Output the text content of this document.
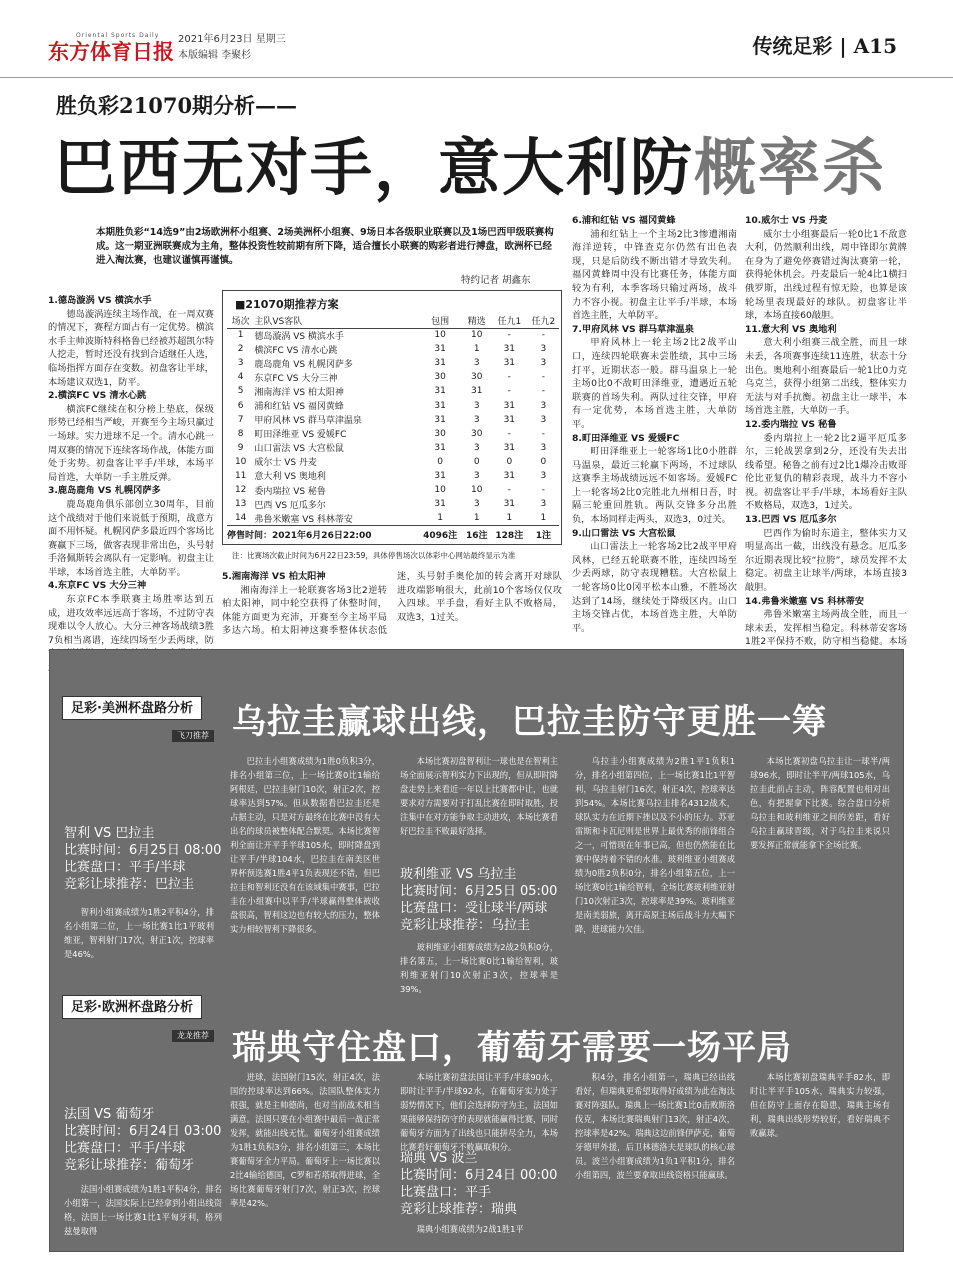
东方体育日报
Oriental Sports Daily 2021年6月23日 星期三
本版编辑 李聚杉	传统足彩 | A15
胜负彩21070期分析——
巴西无对手，意大利防概率杀
本期胜负彩“14选9”由2场欧洲杯小组赛、2场美洲杯小组赛、9场日本各级职业联赛以及1场巴西甲级联赛构成。这一期亚洲联赛成为主角，整体投资性较前期有所下降，适合擅长小联赛的购彩者进行搏盘，欧洲杯已经进入淘汰赛，也建议谨慎再谨慎。
特约记者 胡鑫东
1.德岛漩涡 VS 横滨水手

德岛漩涡连续主场作战，在一周双赛的情况下，赛程方面占有一定优势。横滨水手主帅波斯特科格鲁已经被苏超凯尔特人挖走，暂时还没有找到合适继任人选，临场指挥方面存在变数。初盘客让半球，本场建议双选1，防平。

2.横滨FC VS 清水心跳

横滨FC继续在积分榜上垫底，保级形势已经相当严峻，开赛至今主场只赢过一场球。实力进球不足一个。清水心跳一周双赛的情况下连续客场作战，体能方面处于劣势。初盘客让平手/半球，本场平局首选，大单防一手主胜反弹。

3.鹿岛鹿角 VS 札幌冈萨多

鹿岛鹿角俱乐部创立30周年，目前这个战绩对于他们来说低于预期，战意方面不用怀疑。札幌冈萨多最近四个客场比赛赢下三场，做客表现非常出色，头号射手洛佩斯转会离队有一定影响。初盘主让半球，本场首选主胜，大单防平。

4.东京FC VS 大分三神

东京FC本季联赛主场胜率达到五成，进攻效率远远高于客场，不过防守表现难以令人放心。大分三神客场战绩3胜7负相当离谱，连续四场至少丢两球，防

5.湘南海洋 VS 柏太阳神

湘南海洋上一轮联赛客场3比2逆转柏太阳神，同中轮空获得了休整时间，体能方面更为充沛，开赛至今主场平局多达六场。柏太阳神这赛季整体状态低迷，头号射手奥伦加的转会离开对球队进攻端影响很大，此前10个客场仅仅攻入四球。平手盘，看好主队不败格局，双选3，1过关。

6.浦和红钻 VS 福冈黄蜂

浦和红钻上一个主场2比3惨遭湘南海洋逆转，中锋查克尔仍然有出色表现，只是后防线不断出错才导致失利。福冈黄蜂周中没有比赛任务，体能方面较为有利，本季客场只输过两场，战斗力不容小视。初盘主让平手/半球，本场首选主胜，大单防平。

7.甲府风林 VS 群马草津温泉

甲府风林上一轮主场2比2战平山口，连续四轮联赛未尝胜绩，其中三场打平，近期状态一般。群马温泉上一轮主场0比0不敌町田泽维亚，遭遇近五轮联赛的首场失利。两队过往交锋，甲府有一定优势，本场首选主胜，大单防平。

8.町田泽维亚 VS 爱媛FC

町田泽维亚上一轮客场1比0小胜群马温泉，最近三轮赢下两场，不过球队这赛季主场战绩远远不如客场。爱媛FC上一轮客场2比0完胜北九州相日吾，时隔三轮重回胜轨。两队交锋多分出胜负，本场同样走两头，双选3，0过关。

9.山口雷法 VS 大宫松鼠

山口雷法上一轮客场2比2战平甲府风林，已经五轮联赛不胜，连续四场至少丢两球，防守表现糟糕。大宫松鼠上一轮客场0比0冈平松本山雅，不胜场次达到了14场，继续处于降级区内。山口主场交锋占优，本场首选主胜，大单防平。

10.威尔士 VS 丹麦

威尔士小组赛最后一轮0比1不敌意大利，仍然顺利出线，周中锋即尔黄牌在身为了避免停赛错过淘汰赛第一轮，获得轮休机会。丹麦最后一轮4比1横扫俄罗斯，出线过程有惊无险，也算是该轮场里表现最好的球队。初盘客让半球，本场直接60敲胆。

11.意大利 VS 奥地利

意大利小组赛三战全胜，而且一球未丢，各项赛事连续11连胜，状态十分出色。奥地利小组赛最后一轮1比0力克乌克兰，获得小组第二出线，整体实力无法与对手抗衡。初盘主让一球半，本场首选主胜，大单防一手。

12.委内瑞拉 VS 秘鲁

委内瑞拉上一轮2比2逼平厄瓜多尔，三轮战罢拿到2分，还没有失去出线希望。秘鲁之前有过2比1爆冷击败哥伦比亚复仇的精彩表现，战斗力不容小视。初盘客让平手/半球，本场看好主队不败格局，双选3，1过关。

13.巴西 VS 厄瓜多尔

巴西作为偷时东道主，整体实力又明显高出一截，出线没有悬念。厄瓜多尔近期表现比较“拉胯”，球员发挥不太稳定。初盘主让球半/两球，本场直接3敲胆。

14.弗鲁米嫩塞 VS 科林蒂安

弗鲁米嫩塞主场两战全胜，而且一球未丢，发挥相当稳定。科林蒂安客场1胜2平保持不败，防守相当稳健。本场

■21070期推荐方案
场次	主队VS客队	包围	精选	任九1	任九2
1	德岛漩涡 VS 横滨水手	10	10	-	-
2	横滨FC VS 清水心跳	31	1	31	3
3	鹿岛鹿角 VS 札幌冈萨多	31	3	31	3
4	东京FC VS 大分三神	30	30	-	-
5	湘南海洋 VS 柏太阳神	31	31	-	-
6	浦和红钻 VS 福冈黄蜂	31	3	31	3
7	甲府风林 VS 群马草津温泉	31	3	31	3
8	町田泽维亚 VS 爱媛FC	30	30	-	-
9	山口雷法 VS 大宫松鼠	31	3	31	3
10	威尔士 VS 丹麦	0	0	0	0
11	意大利 VS 奥地利	31	3	31	3
12	委内瑞拉 VS 秘鲁	10	10	-	-
13	巴西 VS 厄瓜多尔	31	3	31	3
14	弗鲁米嫩塞 VS 科林蒂安	1	1	1	1
停售时间：2021年6月26日22:00		4096注	16注	128注	1注
注：比赛场次截止时间为6月22日23:59，具体停售场次以体彩中心网站最终显示为准
足彩·美洲杯盘路分析
飞刀推荐 乌拉圭赢球出线，巴拉圭防守更胜一筹

巴拉圭小组赛成绩为1胜0负积3分，排名小组第三位，上一场比赛0比1输给阿根廷，巴拉圭射门10次，射正2次，控球率达到57%。但从数据看巴拉圭还是占据主动，只是对方最终在比赛中没有大出名的球员被整体配合默契。本场比赛智利全面让开平手半球105水，即时降盘到让平手/半球104水，巴拉圭在南美区世界杯预选赛1胜4平1负表现还不错，但巴拉圭和智利还没有在该域集中赛事，巴拉圭在小组赛中以平手/半球赢得整体被收盘很高，智利这边也有较大的压力，整体实力相较智利下降很多。

智利 VS 巴拉圭
比赛时间：6月25日 08:00
比赛盘口：平手/半球
竞彩让球推荐：巴拉圭

智利小组赛成绩为1胜2平积4分，排名小组第二位，上一场比赛1比1平玻利维亚，智利射门17次，射正1次，控球率是46%。

本场比赛初盘智利让一球也是在智利主场全面展示智利实力下出现的，但从即时降盘走势上来看近一年以上比赛都中让，也就要求对方需要对于打乱比赛在即时取胜，投注集中在对方能争取主动进攻，本场比赛看好巴拉圭不败最好选择。

玻利维亚 VS 乌拉圭
比赛时间：6月25日 05:00
比赛盘口：受让球半/两球
竞彩让球推荐：乌拉圭

玻利维亚小组赛成绩为2战2负积0分，排名第五，上一场比赛0比1输给智利，玻利维亚射门10次射正3次，控球率是39%。

乌拉圭小组赛成绩为2胜1平1负积1分，排名小组第四位，上一场比赛1比1平智利，乌拉圭射门16次，射正4次，控球率达到54%。本场比赛乌拉圭排名4312战术，球队实力在近期下挫以及不小的压力。苏亚雷斯和卡瓦尼则是世界上最优秀的前锋组合之一，可惜现在年事已高，但也仍然能在比赛中保持着不错的水准。玻利维亚小组赛成绩为0胜2负积0分，排名小组第五位，上一场比赛0比1输给智利，全场比赛玻利维亚射门10次射正3次，控球率是39%。玻利维亚是南美弱旅，离开高原主场后战斗力大幅下降，进球能力欠佳。

本场比赛初盘乌拉圭让一球半/两球96水，即时让半平/两球105水，乌拉圭此前占主动，阵容配置也相对出色，有把握拿下比赛。综合盘口分析乌拉圭和玻利维亚之间的差距，看好乌拉圭赢球晋级，对于乌拉圭来说只要发挥正常就能拿下全场比赛。

足彩·欧洲杯盘路分析
龙龙推荐 瑞典守住盘口，葡萄牙需要一场平局
法国 VS 葡萄牙
比赛时间：6月24日 03:00
比赛盘口：平手/半球
竞彩让球推荐：葡萄牙

法国小组赛成绩为1胜1平积4分，排名小组第一，法国实际上已经拿到小组出线资格，法国上一场比赛1比1平匈牙利，格列兹曼取得

进球，法国射门15次，射正4次，法国的控球率达到66%。法国队整体实力很强，就是主帅德尚，也对当前战术相当满意。法国只要在小组赛中最后一战正常发挥，就能出线无忧。葡萄牙小组赛成绩为1胜1负积3分，排名小组第三，本场比赛葡萄牙全力平局。葡萄牙上一场比赛以2比4输给德国，C罗和若塔取得进球，全场比赛葡萄牙射门7次，射正3次，控球率是42%。

本场比赛初盘法国让平手/半球90水，即时让平手/半球92水，在葡萄牙实力处于弱势情况下，他们会选择防守为主，法国如果能够保持防守的表现就能赢得比赛，同时葡萄牙方面为了出线也只能拼尽全力，本场比赛看好葡萄牙不败赢取积分。

瑞典 VS 波兰
比赛时间：6月24日 00:00
比赛盘口：平手
竞彩让球推荐：瑞典

瑞典小组赛成绩为2战1胜1平

积4分，排名小组第一，瑞典已经出线看好，但瑞典更希望取得好成绩为此在淘汰赛对阵强队。瑞典上一场比赛1比0击败斯洛伐克，本场比赛瑞典射门13次，射正4次，控球率是42%。瑞典这边前锋伊萨克，葡萄牙德甲外援，后卫林德洛夫是球队的核心球员。波兰小组赛成绩为1负1平积1分，排名小组第四，波兰要拿取出线资格只能赢球。

本场比赛初盘瑞典平手82水，即时让半平手105水，瑞典实力较强，但在防守上面存在隐患，瑞典主场有利，瑞典出线形势较好，看好瑞典不败赢球。
